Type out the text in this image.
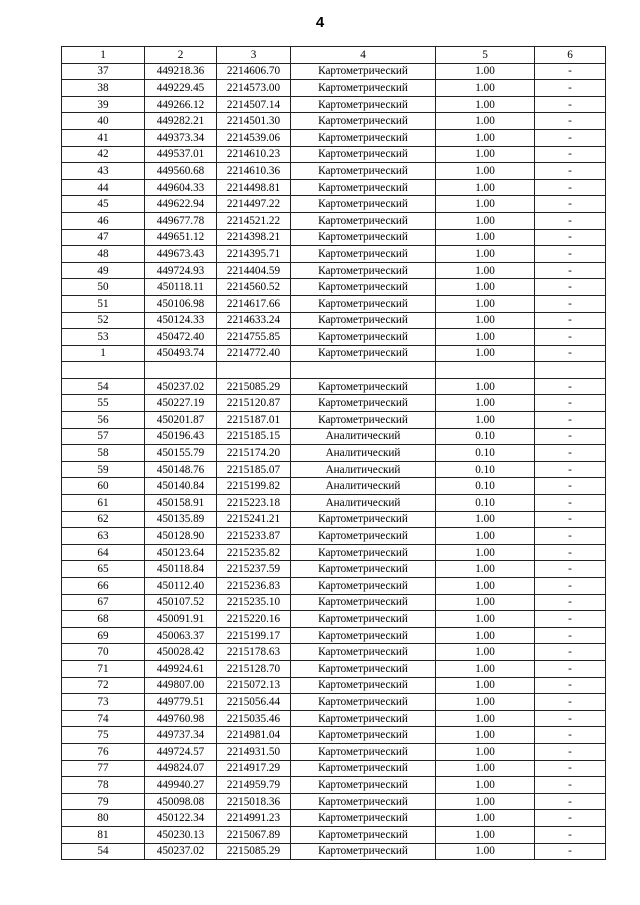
4
1	2	3	4	5	6
37	449218.36	2214606.70	Картометрический	1.00	-
38	449229.45	2214573.00	Картометрический	1.00	-
39	449266.12	2214507.14	Картометрический	1.00	-
40	449282.21	2214501.30	Картометрический	1.00	-
41	449373.34	2214539.06	Картометрический	1.00	-
42	449537.01	2214610.23	Картометрический	1.00	-
43	449560.68	2214610.36	Картометрический	1.00	-
44	449604.33	2214498.81	Картометрический	1.00	-
45	449622.94	2214497.22	Картометрический	1.00	-
46	449677.78	2214521.22	Картометрический	1.00	-
47	449651.12	2214398.21	Картометрический	1.00	-
48	449673.43	2214395.71	Картометрический	1.00	-
49	449724.93	2214404.59	Картометрический	1.00	-
50	450118.11	2214560.52	Картометрический	1.00	-
51	450106.98	2214617.66	Картометрический	1.00	-
52	450124.33	2214633.24	Картометрический	1.00	-
53	450472.40	2214755.85	Картометрический	1.00	-
1	450493.74	2214772.40	Картометрический	1.00	-

54	450237.02	2215085.29	Картометрический	1.00	-
55	450227.19	2215120.87	Картометрический	1.00	-
56	450201.87	2215187.01	Картометрический	1.00	-
57	450196.43	2215185.15	Аналитический	0.10	-
58	450155.79	2215174.20	Аналитический	0.10	-
59	450148.76	2215185.07	Аналитический	0.10	-
60	450140.84	2215199.82	Аналитический	0.10	-
61	450158.91	2215223.18	Аналитический	0.10	-
62	450135.89	2215241.21	Картометрический	1.00	-
63	450128.90	2215233.87	Картометрический	1.00	-
64	450123.64	2215235.82	Картометрический	1.00	-
65	450118.84	2215237.59	Картометрический	1.00	-
66	450112.40	2215236.83	Картометрический	1.00	-
67	450107.52	2215235.10	Картометрический	1.00	-
68	450091.91	2215220.16	Картометрический	1.00	-
69	450063.37	2215199.17	Картометрический	1.00	-
70	450028.42	2215178.63	Картометрический	1.00	-
71	449924.61	2215128.70	Картометрический	1.00	-
72	449807.00	2215072.13	Картометрический	1.00	-
73	449779.51	2215056.44	Картометрический	1.00	-
74	449760.98	2215035.46	Картометрический	1.00	-
75	449737.34	2214981.04	Картометрический	1.00	-
76	449724.57	2214931.50	Картометрический	1.00	-
77	449824.07	2214917.29	Картометрический	1.00	-
78	449940.27	2214959.79	Картометрический	1.00	-
79	450098.08	2215018.36	Картометрический	1.00	-
80	450122.34	2214991.23	Картометрический	1.00	-
81	450230.13	2215067.89	Картометрический	1.00	-
54	450237.02	2215085.29	Картометрический	1.00	-
